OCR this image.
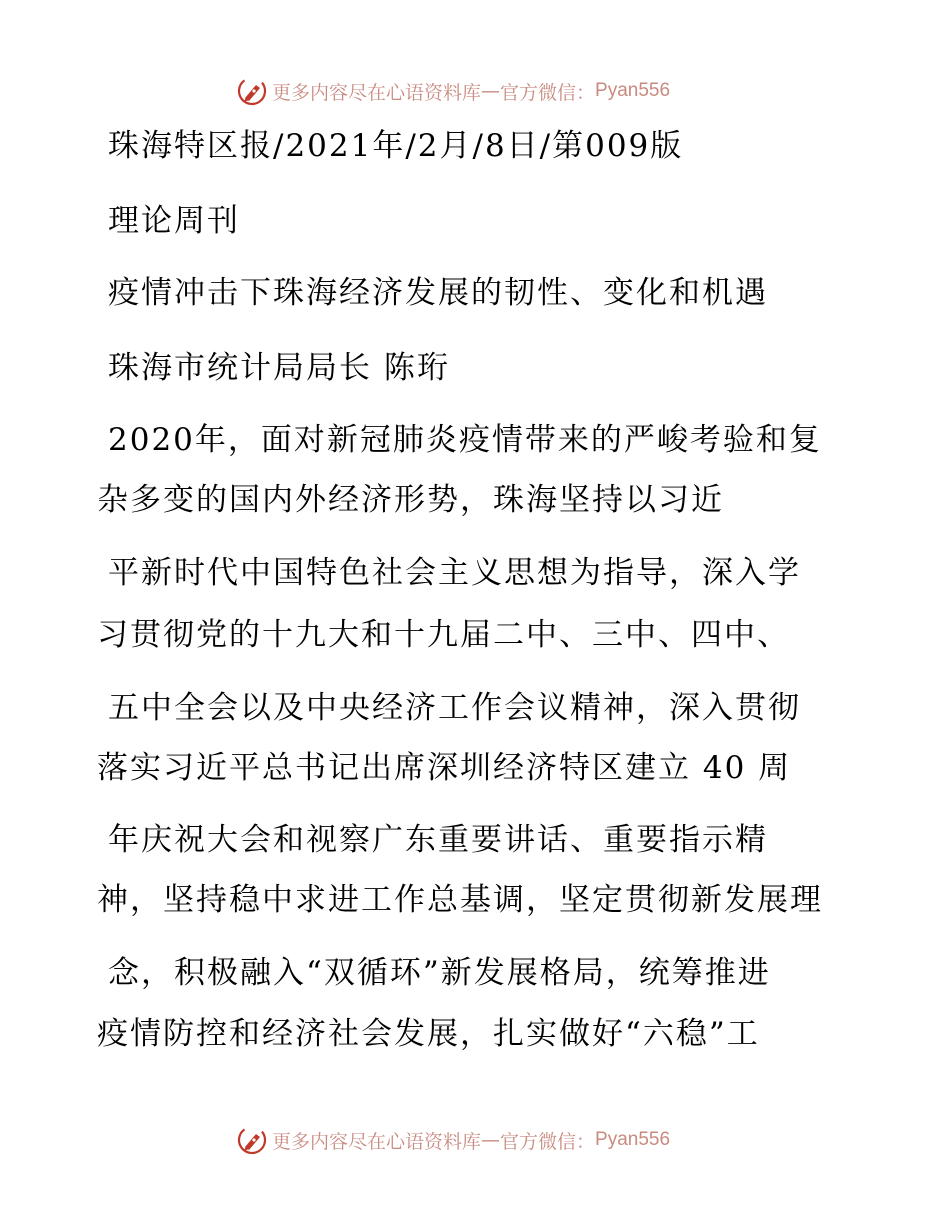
更多内容尽在心语资料库 — 官方微信： Pyan556
珠海特区报/2021年/2月/8日/第009版
理论周刊
疫情冲击下珠海经济发展的韧性、变化和机遇
珠海市统计局局长 陈珩
2020年，面对新冠肺炎疫情带来的严峻考验和复
杂多变的国内外经济形势，珠海坚持以习近
平新时代中国特色社会主义思想为指导，深入学
习贯彻党的十九大和十九届二中、三中、四中、
五中全会以及中央经济工作会议精神，深入贯彻
落实习近平总书记出席深圳经济特区建立 40 周
年庆祝大会和视察广东重要讲话、重要指示精
神，坚持稳中求进工作总基调，坚定贯彻新发展理
念，积极融入“双循环”新发展格局，统筹推进
疫情防控和经济社会发展，扎实做好“六稳”工
更多内容尽在心语资料库 — 官方微信： Pyan556
